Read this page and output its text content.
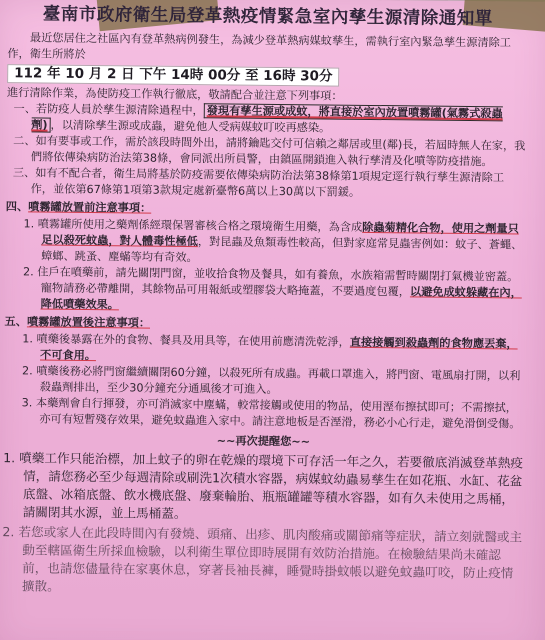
臺南市政府衛生局登革熱疫情緊急室內孳生源清除通知單

最近您居住之社區內有登革熱病例發生，為減少登革熱病媒蚊孳生，需執行室內緊急孳生源清除工作，衛生所將於

112 年 10 月 2 日 下午 14時 00分 至 16時 30分

進行清除作業，為使防疫工作執行徹底，敬請配合並注意下列事項：

一、若防疫人員於孳生源清除過程中， 發現有孳生源或成蚊，將直接於室內放置噴霧罐(氣霧式殺蟲劑) ，以清除孳生源或成蟲，避免他人受病媒蚊叮咬再感染。

二、如有要事或工作，需於該段時間外出，請將鑰匙交付可信賴之鄰居或里(鄰)長，若屆時無人在家，我們將依傳染病防治法第38條，會同派出所員警，由鎮區開鎖進入執行孳清及化噴等防疫措施。

三、如有不配合者，衛生局將基於防疫需要依傳染病防治法第38條第1項規定逕行執行孳生源清除工作，並依第67條第1項第3款規定處新臺幣6萬以上30萬以下罰鍰。

四、噴霧罐放置前注意事項：

1. 噴霧罐所使用之藥劑係經環保署審核合格之環境衛生用藥，為含成除蟲菊精化合物，使用之劑量只足以殺死蚊蟲，對人體毒性極低，對昆蟲及魚類毒性較高，但對家庭常見蟲害例如：蚊子、蒼蠅、蟑螂、跳蚤、塵蟎等均有奇效。

2. 住戶在噴藥前，請先關閉門窗，並收拾食物及餐具，如有養魚，水族箱需暫時關閉打氣機並密蓋。寵物請務必帶離開，其餘物品可用報紙或塑膠袋大略掩蓋，不要過度包覆，以避免成蚊躲藏在內，降低噴藥效果。

五、噴霧罐放置後注意事項：

1. 噴藥後暴露在外的食物、餐具及用具等，在使用前應清洗乾淨，直接接觸到殺蟲劑的食物應丟棄，不可食用。

2. 噴藥後務必將門窗繼續關閉60分鐘，以殺死所有成蟲。再載口罩進入，將門窗、電風扇打開，以利殺蟲劑排出，至少30分鐘充分通風後才可進入。

3. 本藥劑會自行揮發，亦可消滅家中塵蟎，較常接觸或使用的物品，使用溼布擦拭即可；不需擦拭，亦可有短暫殘存效果，避免蚊蟲進入家中。請注意地板是否溼滑，務必小心行走，避免滑倒受傷。

~~再次提醒您~~

1. 噴藥工作只能治標，加上蚊子的卵在乾燥的環境下可存活一年之久，若要徹底消滅登革熱疫情，請您務必至少每週清除或刷洗1次積水容器，病媒蚊幼蟲易孳生在如花瓶、水缸、花盆底盤、冰箱底盤、飲水機底盤、廢棄輪胎、瓶瓶罐罐等積水容器，如有久未使用之馬桶，請關閉其水源，並上馬桶蓋。

2. 若您或家人在此段時間內有發燒、頭痛、出疹、肌肉酸痛或關節痛等症狀，請立刻就醫或主動至轄區衛生所採血檢驗，以利衛生單位即時展開有效防治措施。在檢驗結果尚未確認前，也請您儘量待在家裏休息，穿著長袖長褲，睡覺時掛蚊帳以避免蚊蟲叮咬，防止疫情擴散。
